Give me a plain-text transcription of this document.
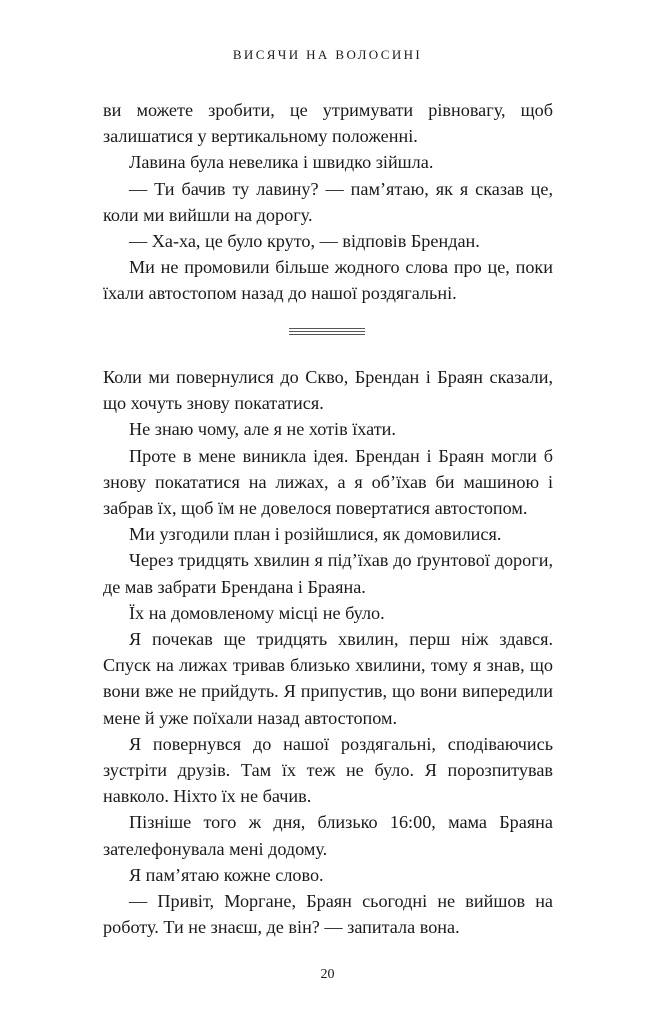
ВИСЯЧИ НА ВОЛОСИНІ

ви можете зробити, це утримувати рівновагу, щоб залишатися у вертикальному положенні.

Лавина була невелика і швидко зійшла.

— Ти бачив ту лавину? — пам’ятаю, як я сказав це, коли ми вийшли на дорогу.

— Ха-ха, це було круто, — відповів Брендан.

Ми не промовили більше жодного слова про це, поки їхали автостопом назад до нашої роздягальні.

Коли ми повернулися до Скво, Брендан і Браян сказали, що хочуть знову покататися.

Не знаю чому, але я не хотів їхати.

Проте в мене виникла ідея. Брендан і Браян могли б знову покататися на лижах, а я об’їхав би машиною і забрав їх, щоб їм не довелося повертатися автостопом.

Ми узгодили план і розійшлися, як домовилися.

Через тридцять хвилин я під’їхав до ґрунтової дороги, де мав забрати Брендана і Браяна.

Їх на домовленому місці не було.

Я почекав ще тридцять хвилин, перш ніж здався. Спуск на лижах тривав близько хвилини, тому я знав, що вони вже не прийдуть. Я припустив, що вони випередили мене й уже поїхали назад автостопом.

Я повернувся до нашої роздягальні, сподіваючись зустріти друзів. Там їх теж не було. Я порозпитував навколо. Ніхто їх не бачив.

Пізніше того ж дня, близько 16:00, мама Браяна зателефонувала мені додому.

Я пам’ятаю кожне слово.

— Привіт, Моргане, Браян сьогодні не вийшов на роботу. Ти не знаєш, де він? — запитала вона.

20
